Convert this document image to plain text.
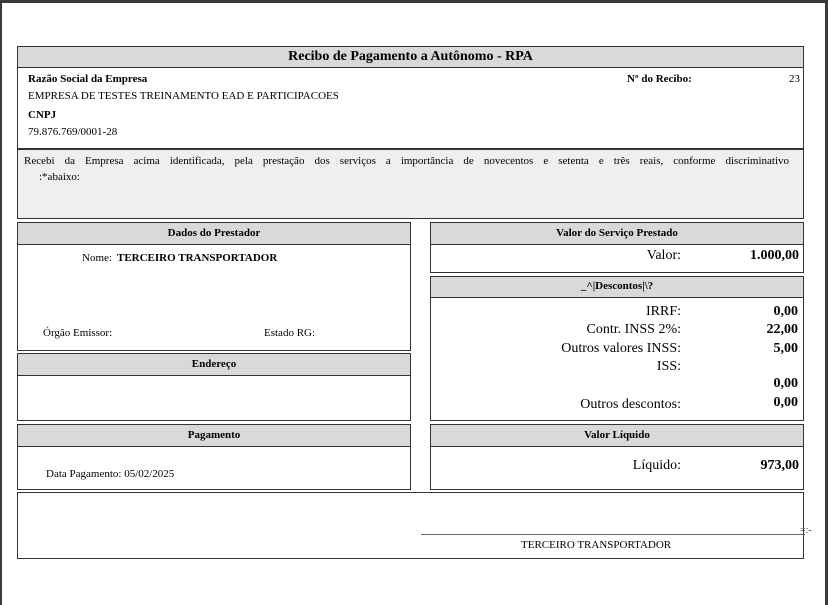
Recibo de Pagamento a Autônomo - RPA
Razão Social da Empresa
EMPRESA DE TESTES TREINAMENTO EAD E PARTICIPACOES
CNPJ
79.876.769/0001-28
Nº do Recibo:	23
Recebi da Empresa acima identificada, pela prestação dos serviços a importância de novecentos e setenta e três reais, conforme discriminativo
:*abaixo:
Dados do Prestador
Nome: TERCEIRO TRANSPORTADOR
Órgão Emissor:	Estado RG:
Endereço
Pagamento
Data Pagamento: 05/02/2025
Valor do Serviço Prestado
Valor:	1.000,00
_^|Descontos|\?
IRRF:	0,00
Contr. INSS 2%:	22,00
Outros valores INSS:	5,00
ISS:
0,00
Outros descontos:	0,00
Valor Líquido
Líquido:	973,00
TERCEIRO TRANSPORTADOR
=:-
